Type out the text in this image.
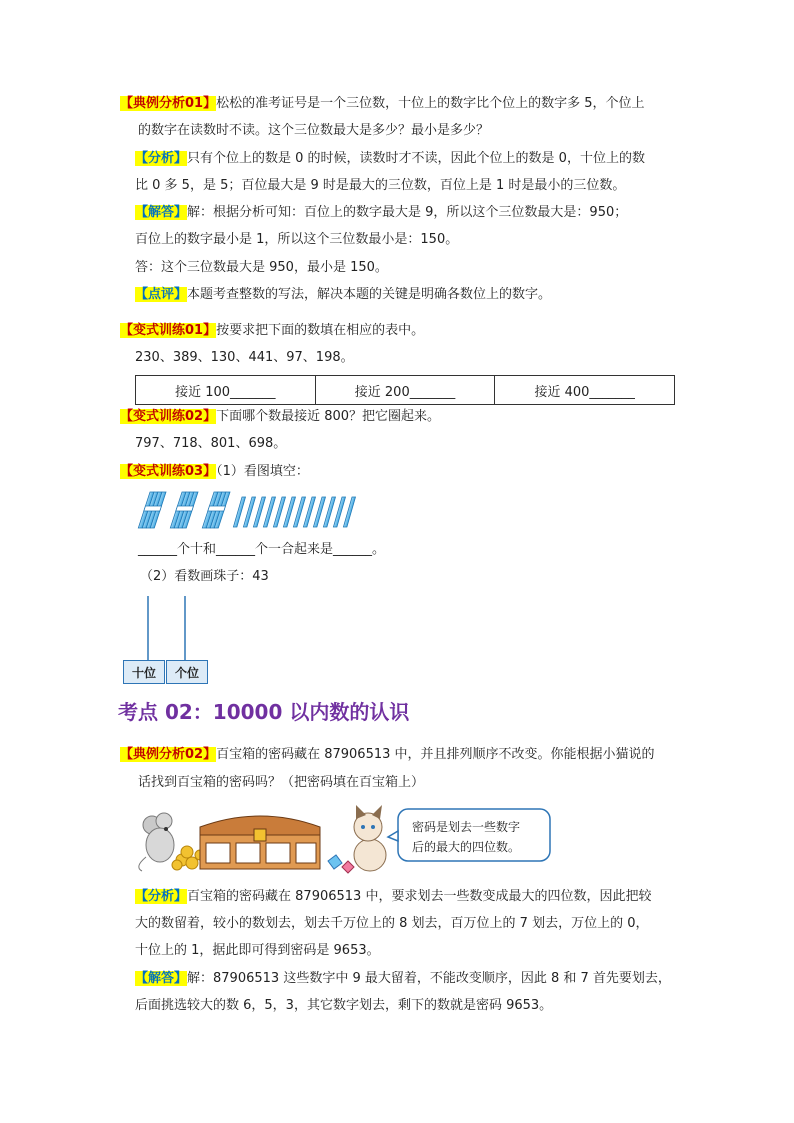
【典例分析01】松松的准考证号是一个三位数，十位上的数字比个位上的数字多 5，个位上
的数字在读数时不读。这个三位数最大是多少？最小是多少？
【分析】只有个位上的数是 0 的时候，读数时才不读，因此个位上的数是 0，十位上的数
比 0 多 5，是 5；百位最大是 9 时是最大的三位数，百位上是 1 时是最小的三位数。
【解答】解：根据分析可知：百位上的数字最大是 9，所以这个三位数最大是：950；
百位上的数字最小是 1，所以这个三位数最小是：150。
答：这个三位数最大是 950，最小是 150。
【点评】本题考查整数的写法，解决本题的关键是明确各数位上的数字。
【变式训练01】按要求把下面的数填在相应的表中。
230、389、130、441、97、198。
接近 100_______	接近 200_______	接近 400_______
【变式训练02】下面哪个数最接近 800？把它圈起来。
797、718、801、698。
【变式训练03】（1）看图填空：
______个十和______个一合起来是______。
（2）看数画珠子：43
十位	个位
考点 02：10000 以内数的认识
【典例分析02】百宝箱的密码藏在 87906513 中，并且排列顺序不改变。你能根据小猫说的
话找到百宝箱的密码吗？（把密码填在百宝箱上）
密码是划去一些数字
后的最大的四位数。
【分析】百宝箱的密码藏在 87906513 中，要求划去一些数变成最大的四位数，因此把较
大的数留着，较小的数划去，划去千万位上的 8 划去，百万位上的 7 划去，万位上的 0，
十位上的 1，据此即可得到密码是 9653。
【解答】解：87906513 这些数字中 9 最大留着，不能改变顺序，因此 8 和 7 首先要划去，
后面挑选较大的数 6，5，3，其它数字划去，剩下的数就是密码 9653。
